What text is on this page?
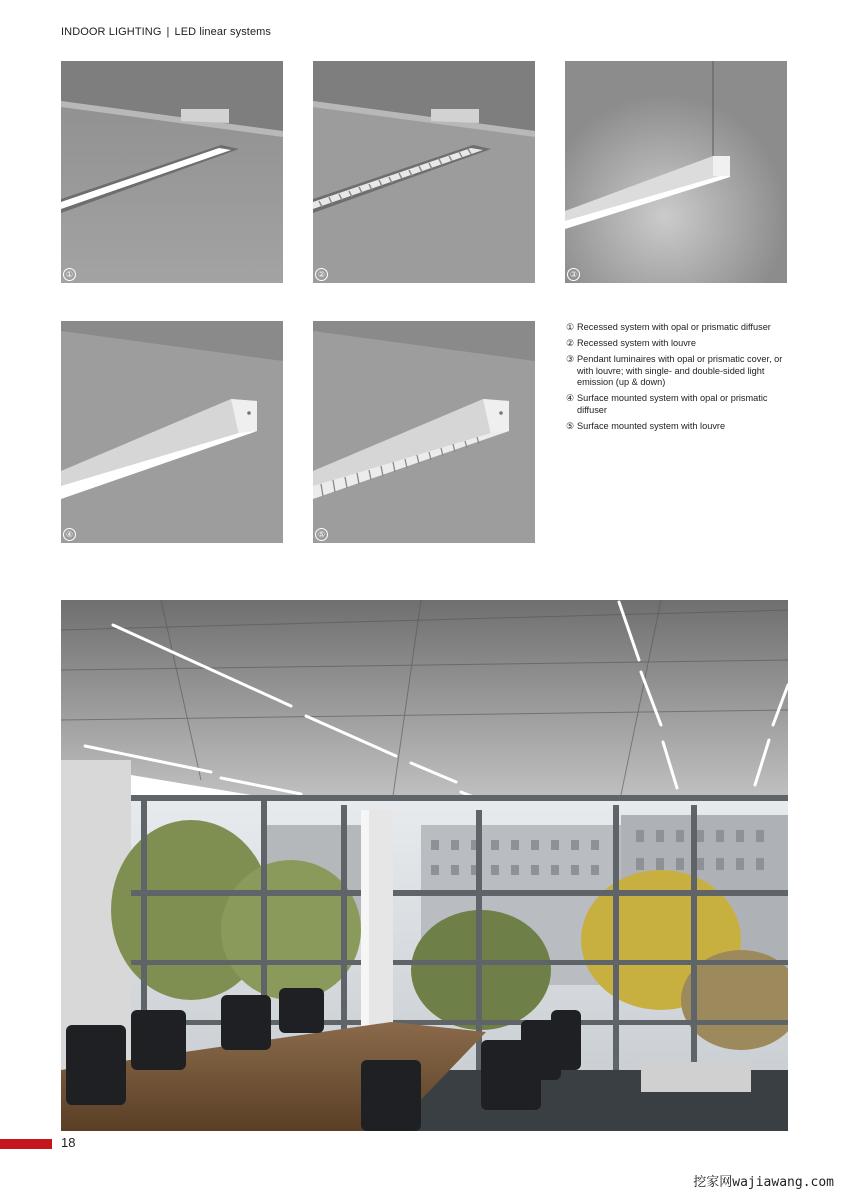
INDOOR LIGHTING | LED linear systems
①	②	③
④	⑤
① Recessed system with opal or prismatic diffuser
② Recessed system with louvre
③ Pendant luminaires with opal or prismatic cover, or with louvre; with single- and double-sided light emission (up & down)
④ Surface mounted system with opal or prismatic diffuser
⑤ Surface mounted system with louvre
18
挖家网wajiawang.com
